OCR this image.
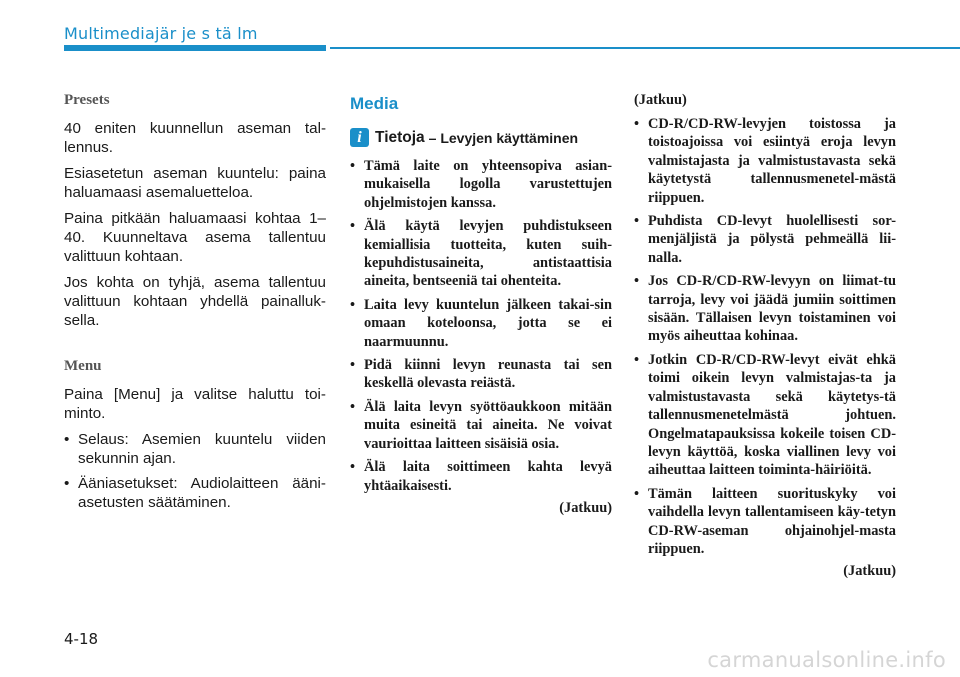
Multimediajär je s tä lm
Presets

40 eniten kuunnellun aseman tal-lennus.

Esiasetetun aseman kuuntelu: paina haluamaasi asemaluetteloa.

Paina pitkään haluamaasi kohtaa 1–40. Kuunneltava asema tallentuu valittuun kohtaan.

Jos kohta on tyhjä, asema tallentuu valittuun kohtaan yhdellä painalluk-sella.

Menu

Paina [Menu] ja valitse haluttu toi-minto.

• Selaus: Asemien kuuntelu viiden sekunnin ajan.
• Ääniasetukset: Audiolaitteen ääni-asetusten säätäminen.
Media
i Tietoja – Levyjen käyttäminen
• Tämä laite on yhteensopiva asian-mukaisella logolla varustettujen ohjelmistojen kanssa.
• Älä käytä levyjen puhdistukseen kemiallisia tuotteita, kuten suih-kepuhdistusaineita, antistaattisia aineita, bentseeniä tai ohenteita.
• Laita levy kuuntelun jälkeen takai-sin omaan koteloonsa, jotta se ei naarmuunnu.
• Pidä kiinni levyn reunasta tai sen keskellä olevasta reiästä.
• Älä laita levyn syöttöaukkoon mitään muita esineitä tai aineita. Ne voivat vaurioittaa laitteen sisäisiä osia.
• Älä laita soittimeen kahta levyä yhtäaikaisesti.
(Jatkuu)
(Jatkuu)
• CD-R/CD-RW-levyjen toistossa ja toistoajoissa voi esiintyä eroja levyn valmistajasta ja valmistustavasta sekä käytetystä tallennusmenetel-mästä riippuen.
• Puhdista CD-levyt huolellisesti sor-menjäljistä ja pölystä pehmeällä lii-nalla.
• Jos CD-R/CD-RW-levyyn on liimat-tu tarroja, levy voi jäädä jumiin soittimen sisään. Tällaisen levyn toistaminen voi myös aiheuttaa kohinaa.
• Jotkin CD-R/CD-RW-levyt eivät ehkä toimi oikein levyn valmistajas-ta ja valmistustavasta sekä käytetys-tä tallennusmenetelmästä johtuen. Ongelmatapauksissa kokeile toisen CD-levyn käyttöä, koska viallinen levy voi aiheuttaa laitteen toiminta-häiriöitä.
• Tämän laitteen suorituskyky voi vaihdella levyn tallentamiseen käy-tetyn CD-RW-aseman ohjainohjel-masta riippuen.
(Jatkuu)
4-18
carmanualsonline.info
